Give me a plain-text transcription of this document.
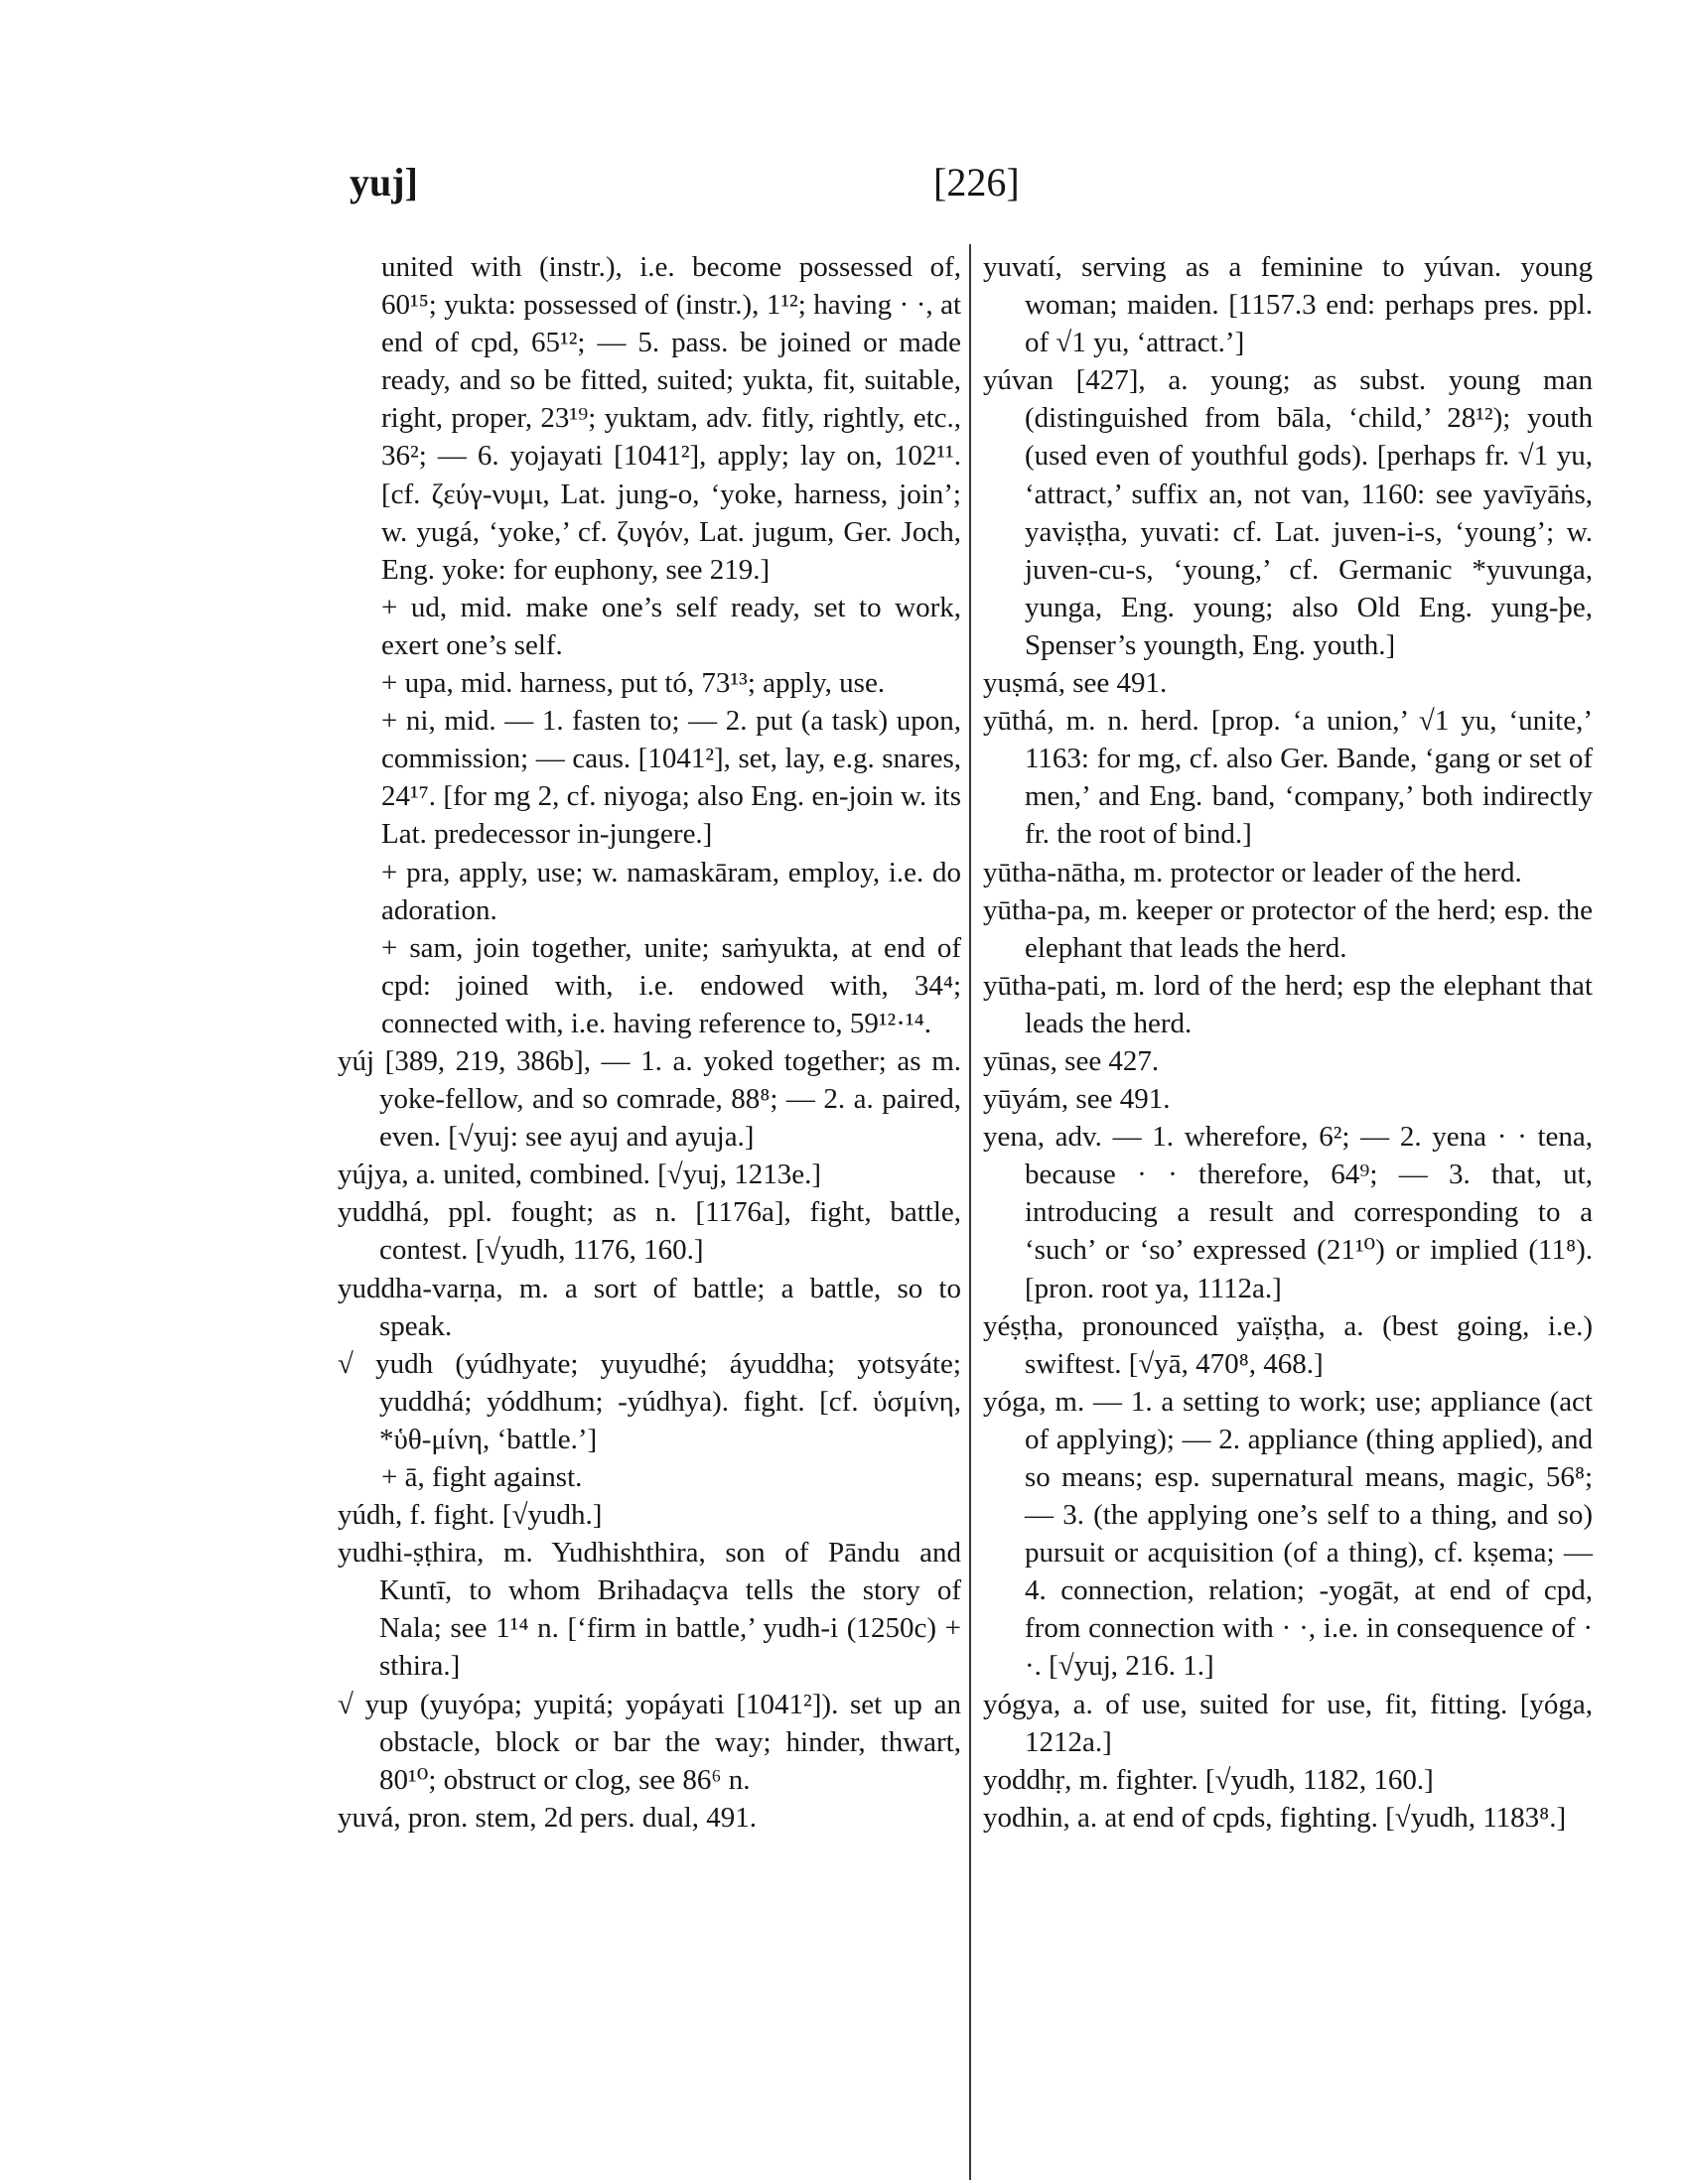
yuj]	[226]

united with (instr.), i.e. become possessed of, 60¹⁵; yukta: possessed of (instr.), 1¹²; having · ·, at end of cpd, 65¹²; — 5. pass. be joined or made ready, and so be fitted, suited; yukta, fit, suitable, right, proper, 23¹⁹; yuktam, adv. fitly, rightly, etc., 36²; — 6. yojayati [1041²], apply; lay on, 102¹¹. [cf. ζεύγ-νυμι, Lat. jung-o, ‘yoke, harness, join’; w. yugá, ‘yoke,’ cf. ζυγόν, Lat. jugum, Ger. Joch, Eng. yoke: for euphony, see 219.]

+ ud, mid. make one’s self ready, set to work, exert one’s self.

+ upa, mid. harness, put tó, 73¹³; apply, use.

+ ni, mid. — 1. fasten to; — 2. put (a task) upon, commission; — caus. [1041²], set, lay, e.g. snares, 24¹⁷. [for mg 2, cf. niyoga; also Eng. en-join w. its Lat. predecessor in-jungere.]

+ pra, apply, use; w. namaskāram, employ, i.e. do adoration.

+ sam, join together, unite; saṁyukta, at end of cpd: joined with, i.e. endowed with, 34⁴; connected with, i.e. having reference to, 59¹²·¹⁴.

yúj [389, 219, 386b], — 1. a. yoked together; as m. yoke-fellow, and so comrade, 88⁸; — 2. a. paired, even. [√yuj: see ayuj and ayuja.]

yújya, a. united, combined. [√yuj, 1213e.]

yuddhá, ppl. fought; as n. [1176a], fight, battle, contest. [√yudh, 1176, 160.]

yuddha-varṇa, m. a sort of battle; a battle, so to speak.

√ yudh (yúdhyate; yuyudhé; áyuddha; yotsyáte; yuddhá; yóddhum; -yúdhya). fight. [cf. ὑσμίνη, *ὑθ-μίνη, ‘battle.’]

+ ā, fight against.

yúdh, f. fight. [√yudh.]

yudhi-ṣṭhira, m. Yudhishthira, son of Pāndu and Kuntī, to whom Brihadaçva tells the story of Nala; see 1¹⁴ n. [‘firm in battle,’ yudh-i (1250c) + sthira.]

√ yup (yuyópa; yupitá; yopáyati [1041²]). set up an obstacle, block or bar the way; hinder, thwart, 80¹⁰; obstruct or clog, see 86⁶ n.

yuvá, pron. stem, 2d pers. dual, 491.

yuvatí, serving as a feminine to yúvan. young woman; maiden. [1157.3 end: perhaps pres. ppl. of √1 yu, ‘attract.’]

yúvan [427], a. young; as subst. young man (distinguished from bāla, ‘child,’ 28¹²); youth (used even of youthful gods). [perhaps fr. √1 yu, ‘attract,’ suffix an, not van, 1160: see yavīyāṅs, yaviṣṭha, yuvati: cf. Lat. juven-i-s, ‘young’; w. juven-cu-s, ‘young,’ cf. Germanic *yuvunga, yunga, Eng. young; also Old Eng. yung-þe, Spenser’s youngth, Eng. youth.]

yuṣmá, see 491.

yūthá, m. n. herd. [prop. ‘a union,’ √1 yu, ‘unite,’ 1163: for mg, cf. also Ger. Bande, ‘gang or set of men,’ and Eng. band, ‘company,’ both indirectly fr. the root of bind.]

yūtha-nātha, m. protector or leader of the herd.

yūtha-pa, m. keeper or protector of the herd; esp. the elephant that leads the herd.

yūtha-pati, m. lord of the herd; esp the elephant that leads the herd.

yūnas, see 427.

yūyám, see 491.

yena, adv. — 1. wherefore, 6²; — 2. yena · · tena, because · · therefore, 64⁹; — 3. that, ut, introducing a result and corresponding to a ‘such’ or ‘so’ expressed (21¹⁰) or implied (11⁸). [pron. root ya, 1112a.]

yéṣṭha, pronounced yaïṣṭha, a. (best going, i.e.) swiftest. [√yā, 470⁸, 468.]

yóga, m. — 1. a setting to work; use; appliance (act of applying); — 2. appliance (thing applied), and so means; esp. supernatural means, magic, 56⁸; — 3. (the applying one’s self to a thing, and so) pursuit or acquisition (of a thing), cf. kṣema; — 4. connection, relation; -yogāt, at end of cpd, from connection with · ·, i.e. in consequence of · ·. [√yuj, 216. 1.]

yógya, a. of use, suited for use, fit, fitting. [yóga, 1212a.]

yoddhṛ, m. fighter. [√yudh, 1182, 160.]

yodhin, a. at end of cpds, fighting. [√yudh, 1183⁸.]
